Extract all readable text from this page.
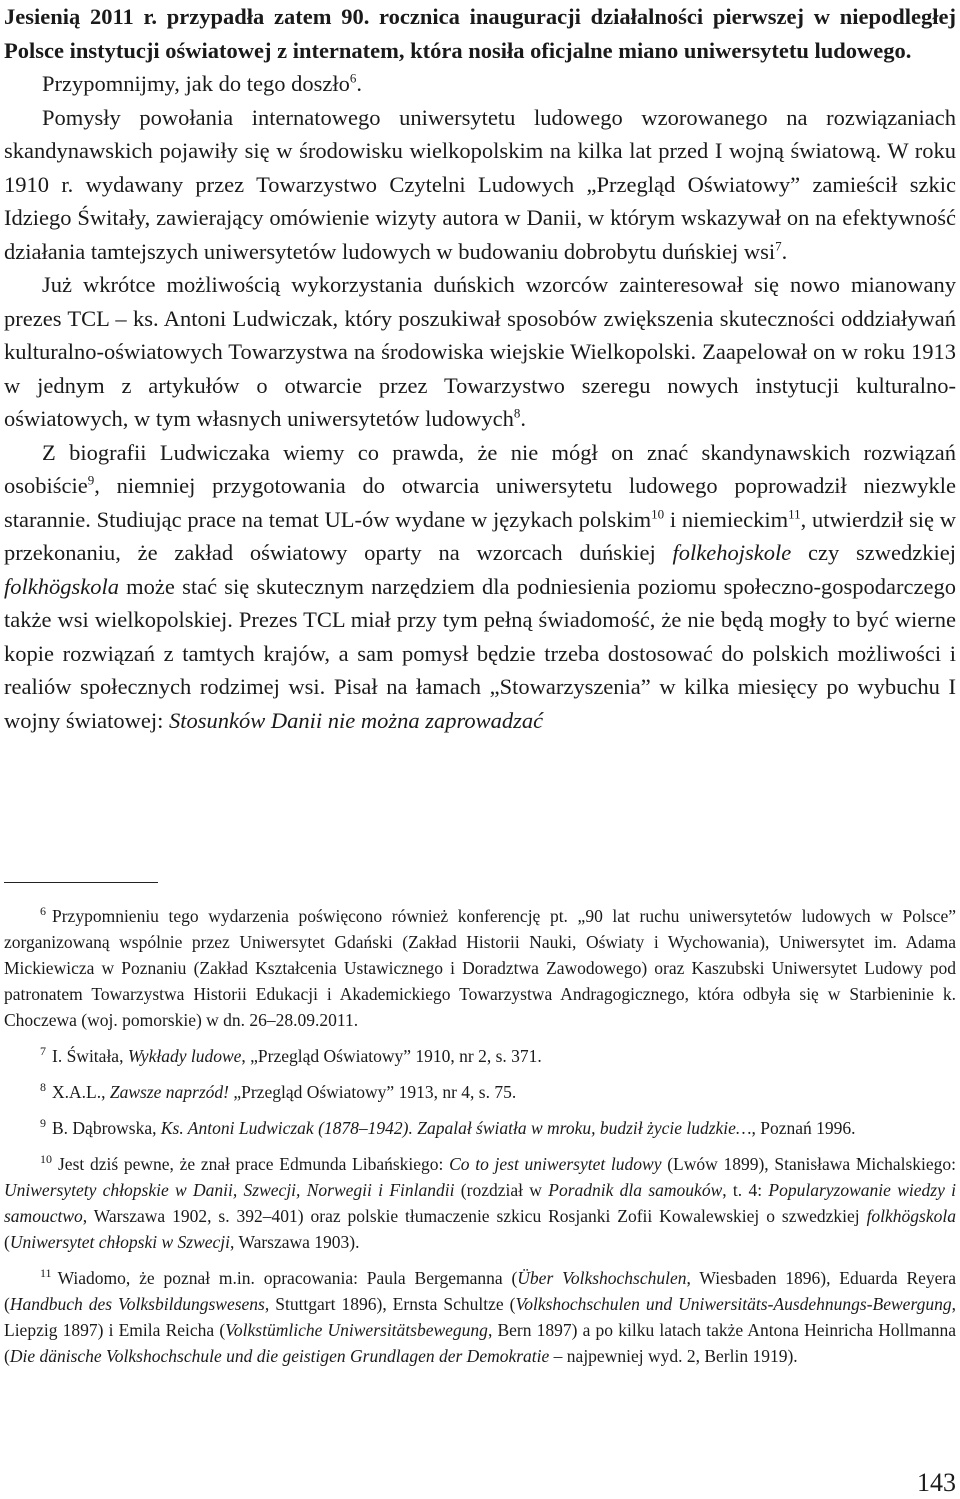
Jesienią 2011 r. przypadła zatem 90. rocznica inauguracji działalności pierwszej w niepodległej Polsce instytucji oświatowej z internatem, która nosiła oficjalne miano uniwersytetu ludowego.

Przypomnijmy, jak do tego doszło$^6$.

Pomysły powołania internatowego uniwersytetu ludowego wzorowanego na rozwiązaniach skandynawskich pojawiły się w środowisku wielkopolskim na kilka lat przed I wojną światową. W roku 1910 r. wydawany przez Towarzystwo Czytelni Ludowych „Przegląd Oświatowy” zamieścił szkic Idziego Świtały, zawierający omówienie wizyty autora w Danii, w którym wskazywał on na efektywność działania tamtejszych uniwersytetów ludowych w budowaniu dobrobytu duńskiej wsi$^7$.

Już wkrótce możliwością wykorzystania duńskich wzorców zainteresował się nowo mianowany prezes TCL – ks. Antoni Ludwiczak, który poszukiwał sposobów zwiększenia skuteczności oddziaływań kulturalno-oświatowych Towarzystwa na środowiska wiejskie Wielkopolski. Zaapelował on w roku 1913 w jednym z artykułów o otwarcie przez Towarzystwo szeregu nowych instytucji kulturalno-oświatowych, w tym własnych uniwersytetów ludowych$^8$.

Z biografii Ludwiczaka wiemy co prawda, że nie mógł on znać skandynawskich rozwiązań osobiście$^9$, niemniej przygotowania do otwarcia uniwersytetu ludowego poprowadził niezwykle starannie. Studiując prace na temat UL-ów wydane w językach polskim$^{10}$ i niemieckim$^{11}$, utwierdził się w przekonaniu, że zakład oświatowy oparty na wzorcach duńskiej folkehojskole czy szwedzkiej folkhögskola może stać się skutecznym narzędziem dla podniesienia poziomu społeczno-gospodarczego także wsi wielkopolskiej. Prezes TCL miał przy tym pełną świadomość, że nie będą mogły to być wierne kopie rozwiązań z tamtych krajów, a sam pomysł będzie trzeba dostosować do polskich możliwości i realiów społecznych rodzimej wsi. Pisał na łamach „Stowarzyszenia” w kilka miesięcy po wybuchu I wojny światowej: Stosunków Danii nie można zaprowadzać

$^6$ Przypomnieniu tego wydarzenia poświęcono również konferencję pt. „90 lat ruchu uniwersytetów ludowych w Polsce” zorganizowaną wspólnie przez Uniwersytet Gdański (Zakład Historii Nauki, Oświaty i Wychowania), Uniwersytet im. Adama Mickiewicza w Poznaniu (Zakład Kształcenia Ustawicznego i Doradztwa Zawodowego) oraz Kaszubski Uniwersytet Ludowy pod patronatem Towarzystwa Historii Edukacji i Akademickiego Towarzystwa Andragogicznego, która odbyła się w Starbieninie k. Choczewa (woj. pomorskie) w dn. 26–28.09.2011.

$^7$ I. Świtała, Wykłady ludowe, „Przegląd Oświatowy” 1910, nr 2, s. 371.

$^8$ X.A.L., Zawsze naprzód! „Przegląd Oświatowy” 1913, nr 4, s. 75.

$^9$ B. Dąbrowska, Ks. Antoni Ludwiczak (1878–1942). Zapalał światła w mroku, budził życie ludzkie…, Poznań 1996.

$^{10}$ Jest dziś pewne, że znał prace Edmunda Libańskiego: Co to jest uniwersytet ludowy (Lwów 1899), Stanisława Michalskiego: Uniwersytety chłopskie w Danii, Szwecji, Norwegii i Finlandii (rozdział w Poradnik dla samouków, t. 4: Popularyzowanie wiedzy i samouctwo, Warszawa 1902, s. 392–401) oraz polskie tłumaczenie szkicu Rosjanki Zofii Kowalewskiej o szwedzkiej folkhögskola (Uniwersytet chłopski w Szwecji, Warszawa 1903).

$^{11}$ Wiadomo, że poznał m.in. opracowania: Paula Bergemanna (Über Volkshochschulen, Wiesbaden 1896), Eduarda Reyera (Handbuch des Volksbildungswesens, Stuttgart 1896), Ernsta Schultze (Volkshochschulen und Uniwersitäts-Ausdehnungs-Bewergung, Liepzig 1897) i Emila Reicha (Volkstümliche Uniwersitätsbewegung, Bern 1897) a po kilku latach także Antona Heinricha Hollmanna (Die dänische Volkshochschule und die geistigen Grundlagen der Demokratie – najpewniej wyd. 2, Berlin 1919).

143
